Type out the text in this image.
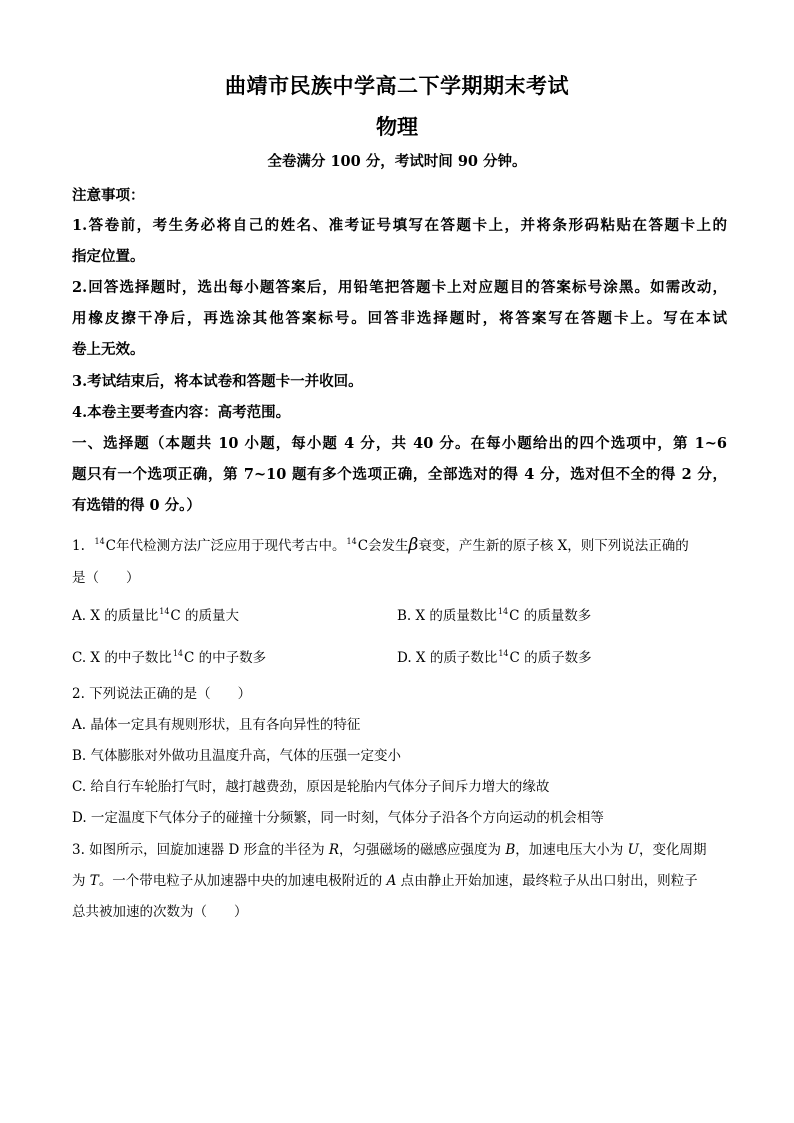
曲靖市民族中学高二下学期期末考试
物理
全卷满分 100 分，考试时间 90 分钟。
注意事项：
1.答卷前，考生务必将自己的姓名、准考证号填写在答题卡上，并将条形码粘贴在答题卡上的
指定位置。
2.回答选择题时，选出每小题答案后，用铅笔把答题卡上对应题目的答案标号涂黑。如需改动，
用橡皮擦干净后，再选涂其他答案标号。回答非选择题时，将答案写在答题卡上。写在本试
卷上无效。
3.考试结束后，将本试卷和答题卡一并收回。
4.本卷主要考查内容：高考范围。
一、选择题（本题共 10 小题，每小题 4 分，共 40 分。在每小题给出的四个选项中，第 1~6
题只有一个选项正确，第 7~10 题有多个选项正确，全部选对的得 4 分，选对但不全的得 2 分，
有选错的得 0 分。）
1. $^{14}$C年代检测方法广泛应用于现代考古中。$^{14}$C会发生β衰变，产生新的原子核 X，则下列说法正确的
是（　　）
A. X 的质量比$^{14}$C 的质量大	B. X 的质量数比$^{14}$C 的质量数多
C. X 的中子数比$^{14}$C 的中子数多	D. X 的质子数比$^{14}$C 的质子数多
2. 下列说法正确的是（　　）
A. 晶体一定具有规则形状，且有各向异性的特征
B. 气体膨胀对外做功且温度升高，气体的压强一定变小
C. 给自行车轮胎打气时，越打越费劲，原因是轮胎内气体分子间斥力增大的缘故
D. 一定温度下气体分子的碰撞十分频繁，同一时刻，气体分子沿各个方向运动的机会相等
3. 如图所示，回旋加速器 D 形盒的半径为 R，匀强磁场的磁感应强度为 B，加速电压大小为 U，变化周期
为 T。一个带电粒子从加速器中央的加速电极附近的 A 点由静止开始加速，最终粒子从出口射出，则粒子
总共被加速的次数为（　　）
